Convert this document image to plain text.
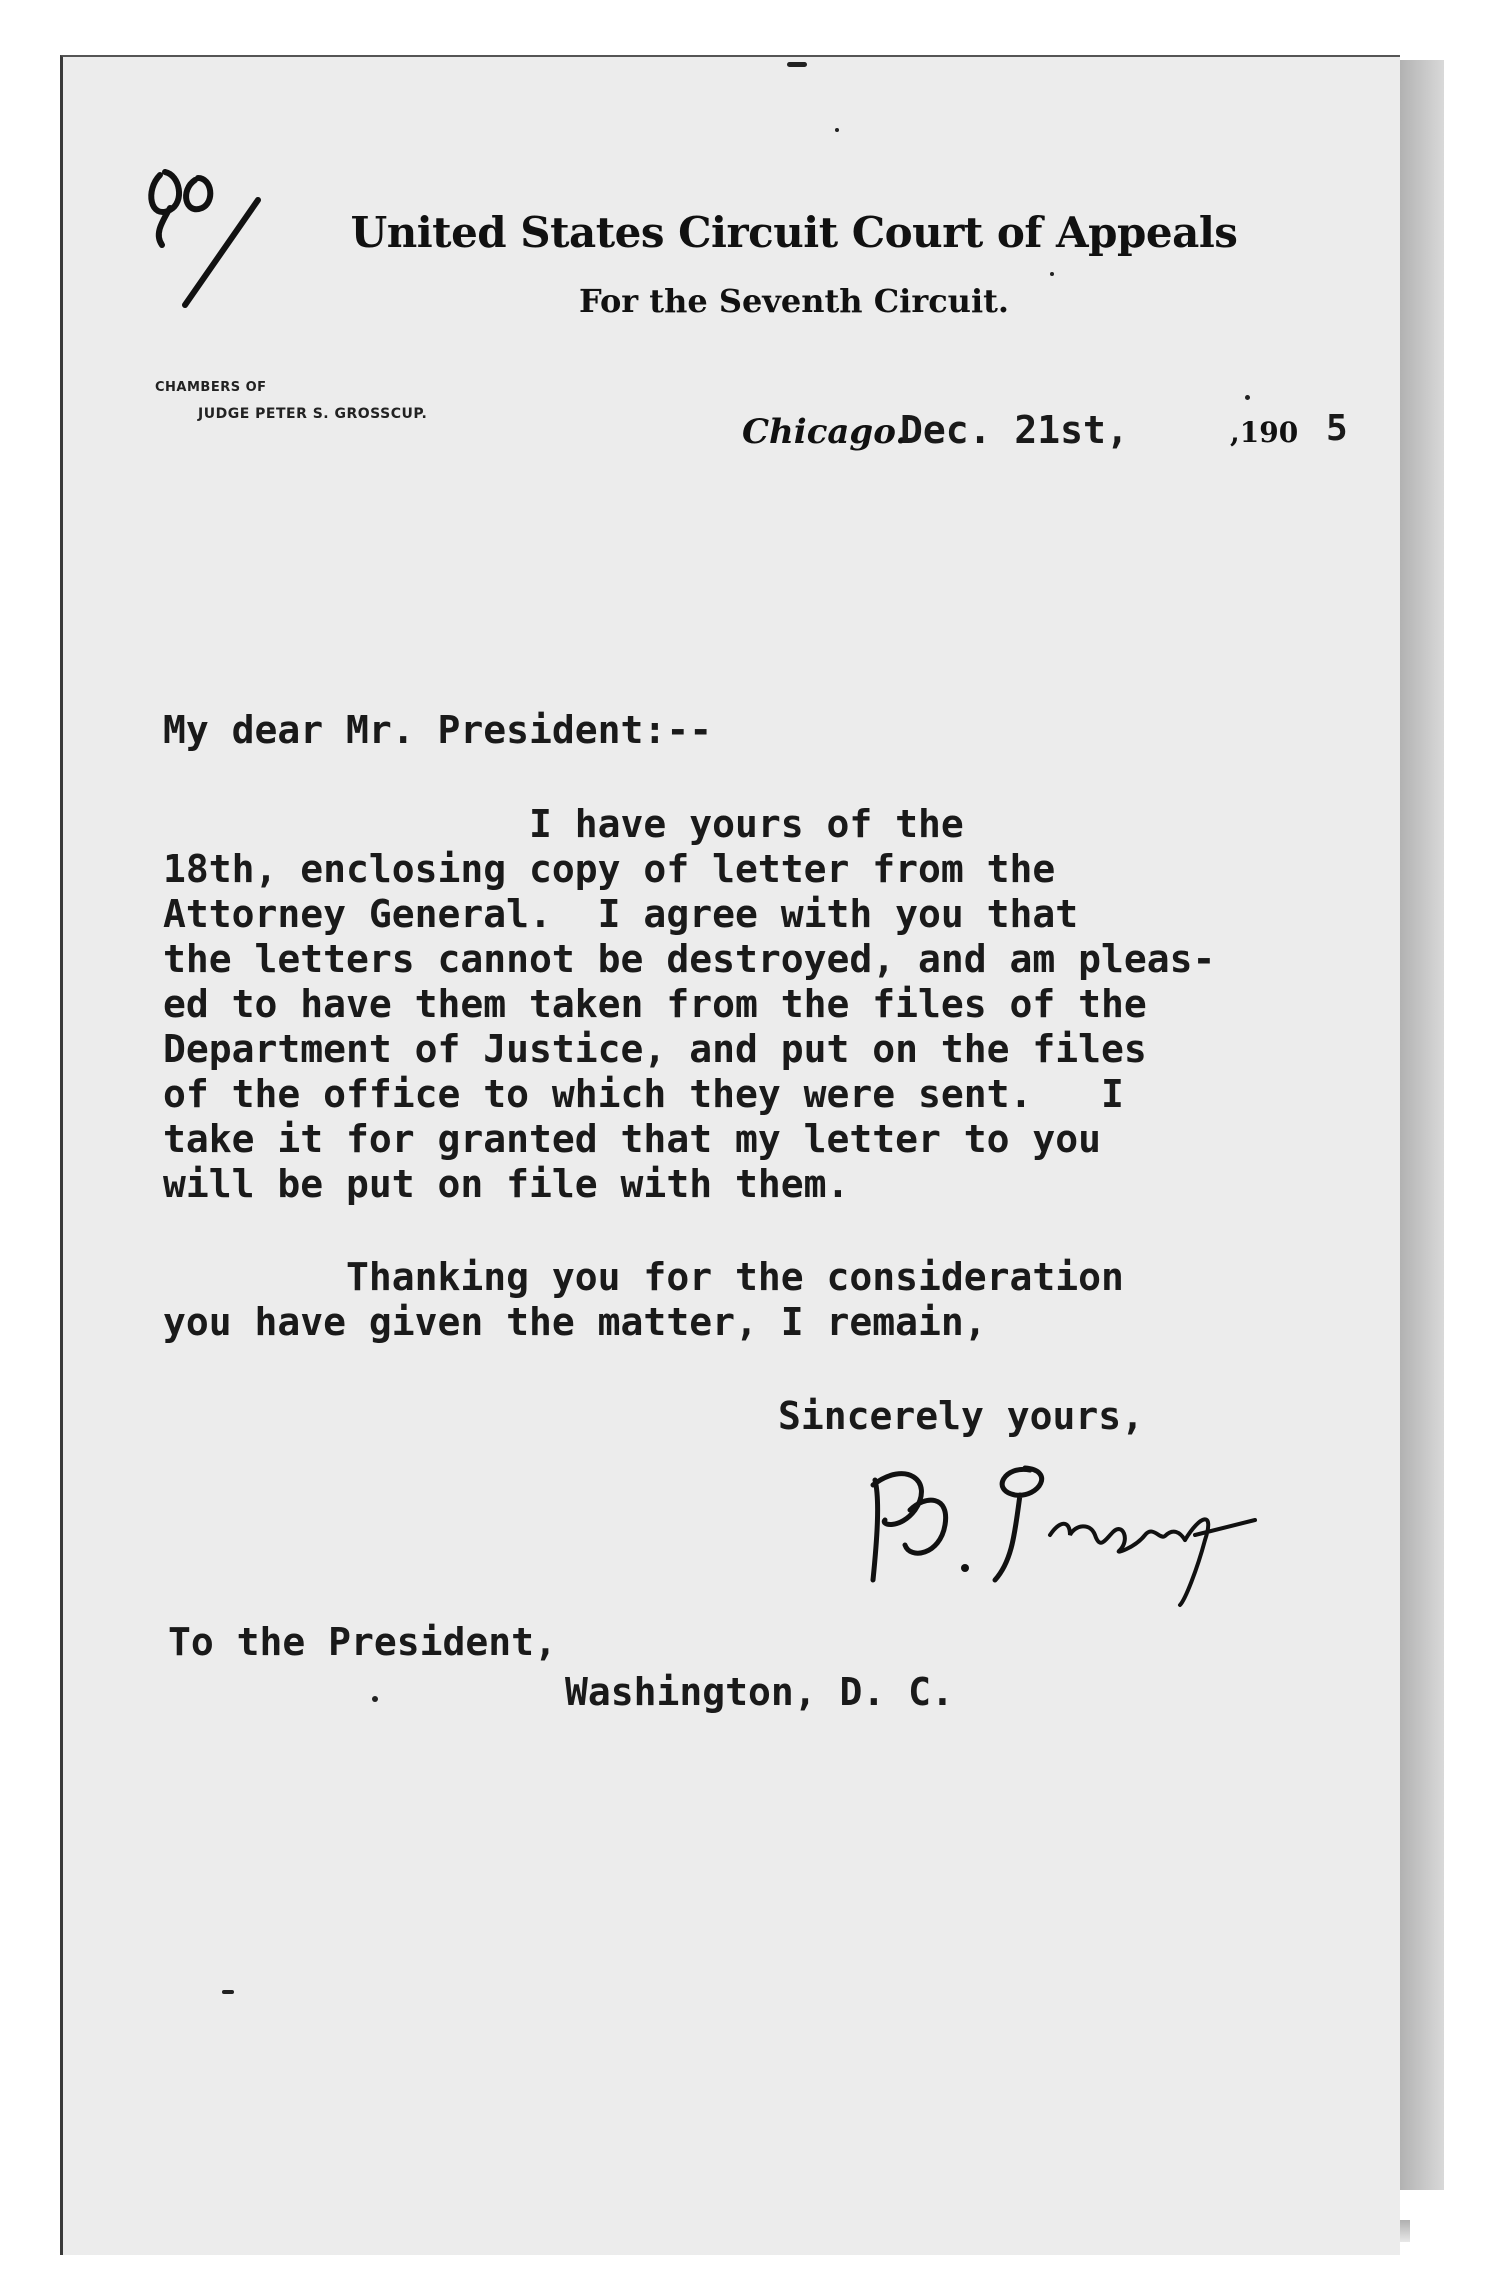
United States Circuit Court of Appeals
For the Seventh Circuit.
CHAMBERS OF
JUDGE PETER S. GROSSCUP.	Chicago.
Dec. 21st,	,190 5
My dear Mr. President:--
I have yours of the
18th, enclosing copy of letter from the
Attorney General.  I agree with you that
the letters cannot be destroyed, and am pleas-
ed to have them taken from the files of the
Department of Justice, and put on the files
of the office to which they were sent.   I
take it for granted that my letter to you
will be put on file with them.
Thanking you for the consideration
you have given the matter, I remain,
Sincerely yours,
To the President,
Washington, D. C.
